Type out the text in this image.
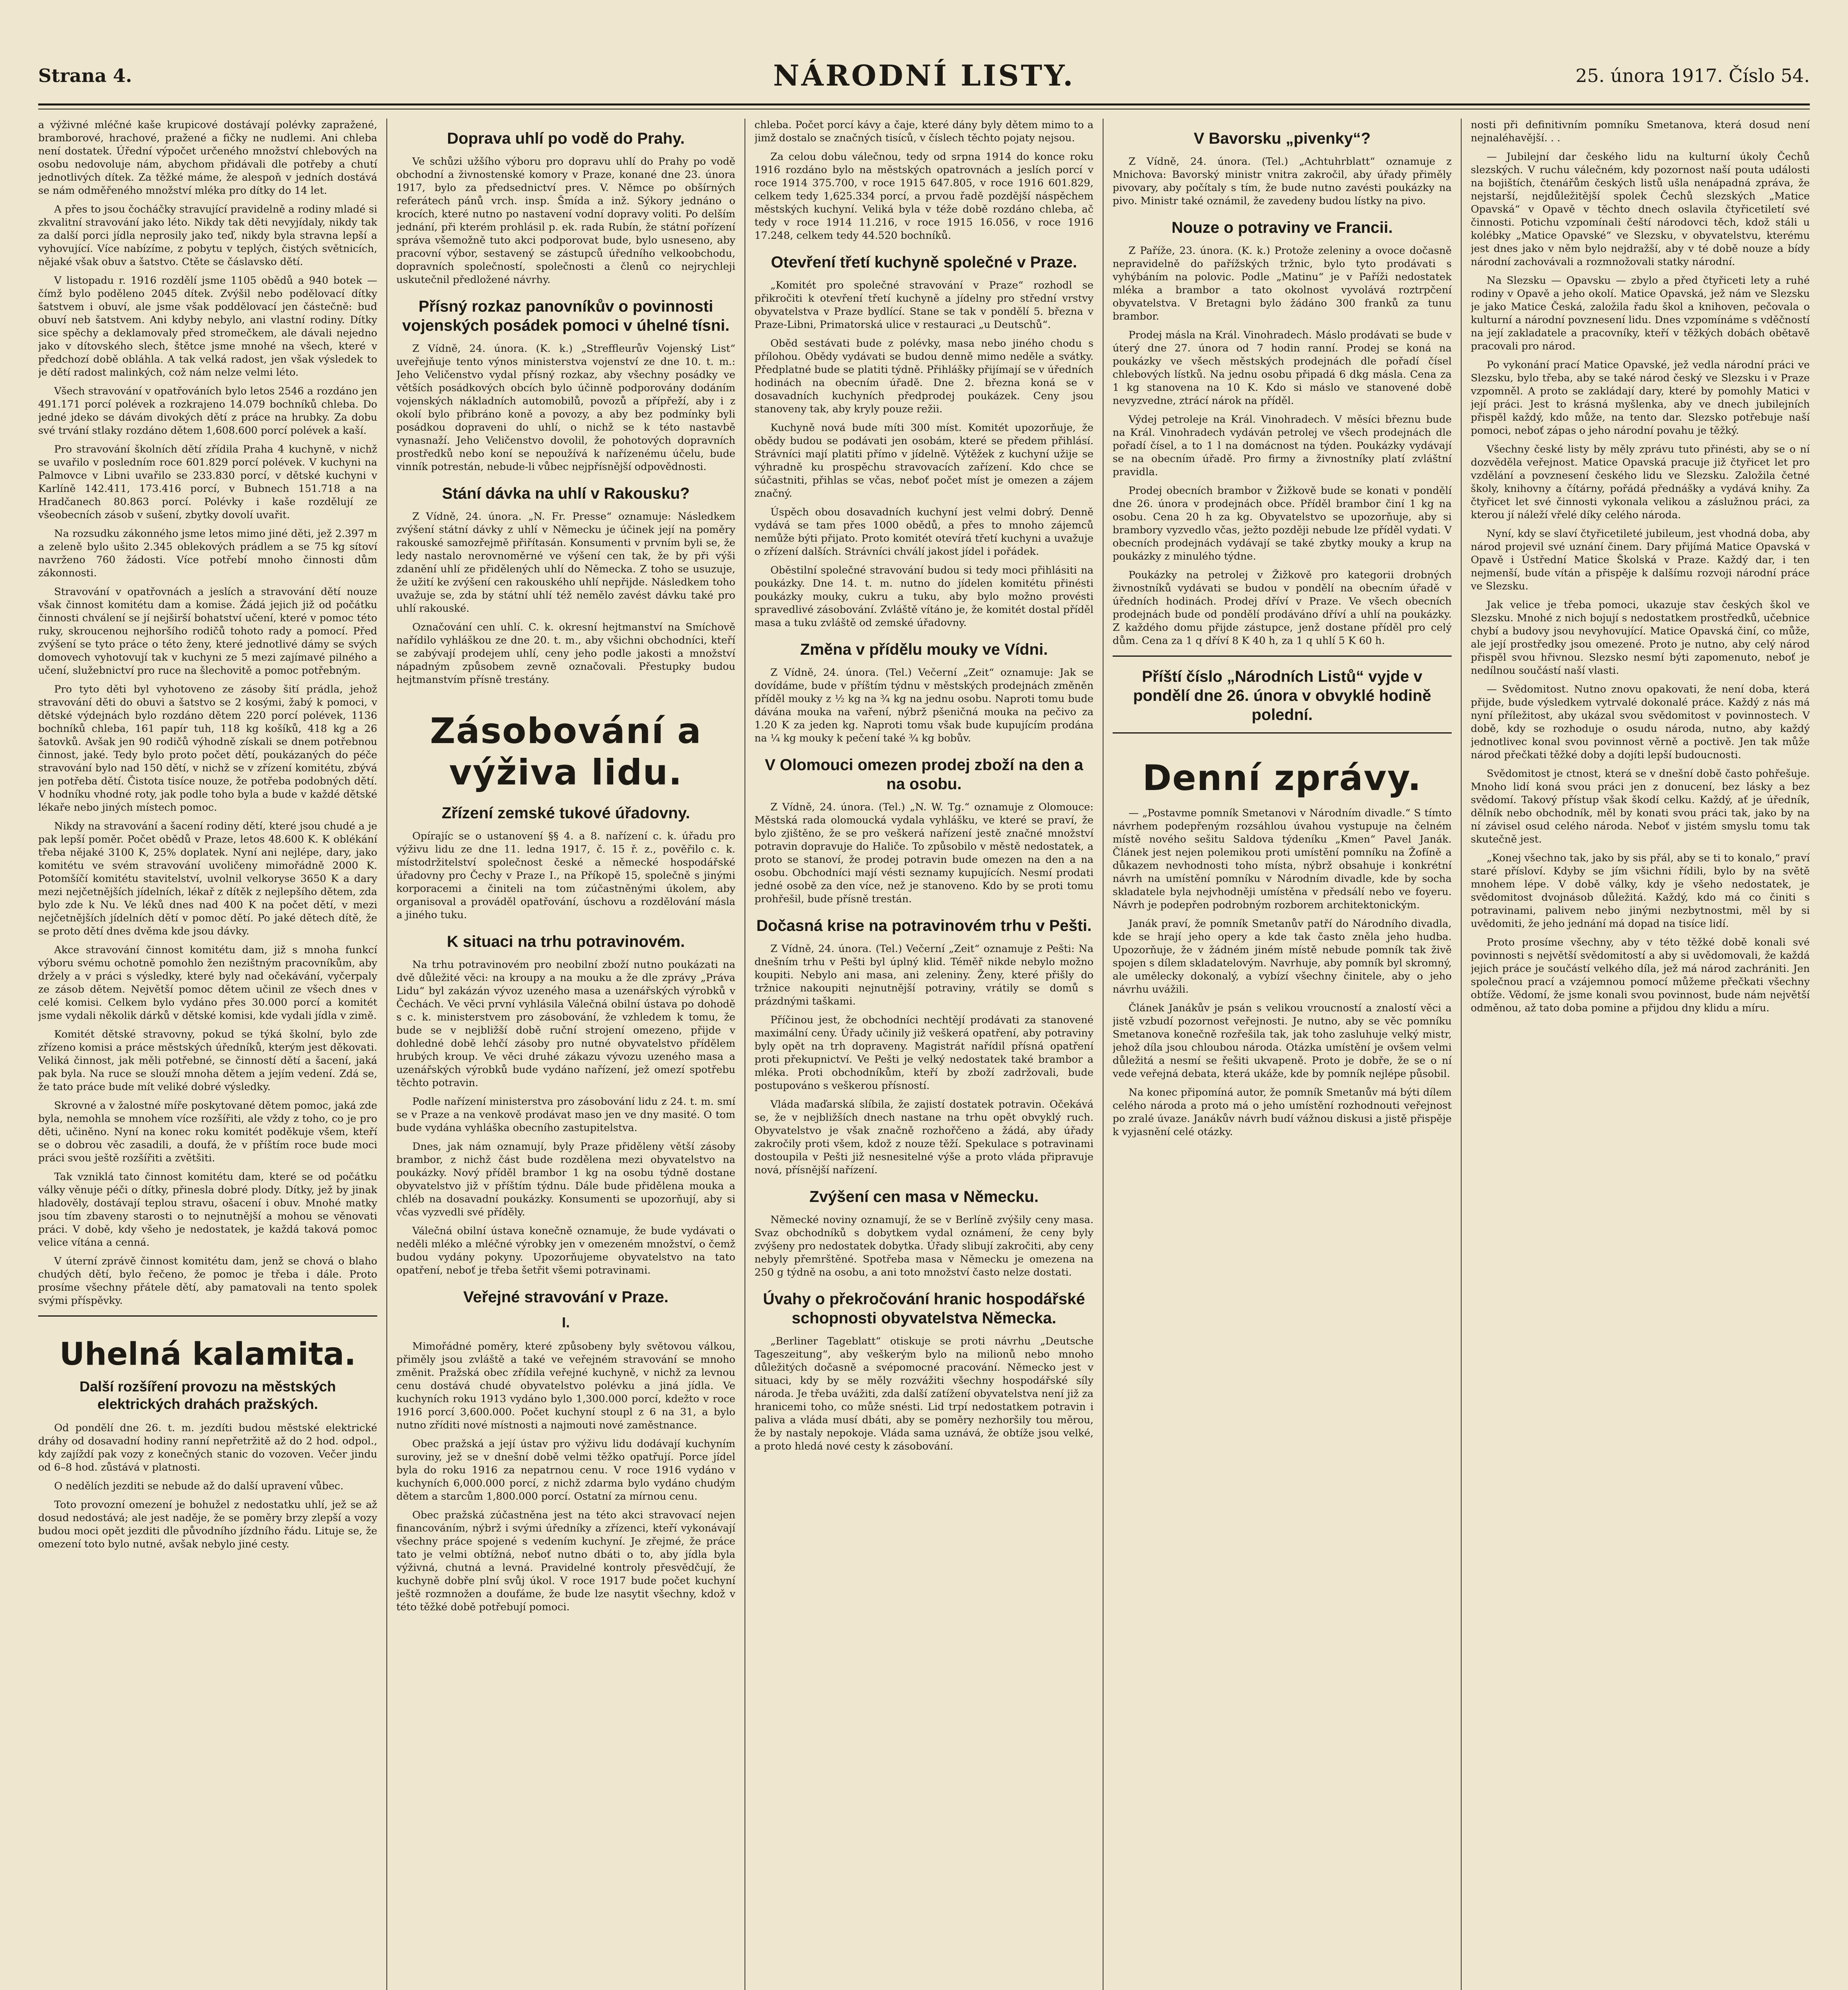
Strana 4.	NÁRODNÍ LISTY.	25. února 1917. Číslo 54.

a výživné mléčné kaše krupicové dostávají polévky zapražené, bramborové, hrachové, pražené a fičky ne nudlemi. Ani chleba není dostatek. Úřední výpočet určeného množství chlebových na osobu nedovoluje nám, abychom přidávali dle potřeby a chutí jednotlivých dítek. Za těžké máme, že alespoň v jedních dostává se nám odměřeného množství mléka pro dítky do 14 let.

A přes to jsou čocháčky stravující pravidelně a rodiny mladé si zkvalitní stravování jako léto. Nikdy tak děti nevyjídaly, nikdy tak za další porci jídla neprosily jako teď, nikdy byla stravna lepší a vyhovující. Více nabízíme, z pobytu v teplých, čistých světnicích, nějaké však obuv a šatstvo. Ctěte se čáslavsko dětí.

V listopadu r. 1916 rozdělí jsme 1105 obědů a 940 botek — čímž bylo poděleno 2045 dítek. Zvýšil nebo podělovací dítky šatstvem i obuví, ale jsme však poddělovací jen částečně: buď obuví neb šatstvem. Ani kdyby nebylo, ani vlastní rodiny. Dítky sice spěchy a deklamovaly před stromečkem, ale dávali nejedno jako v dítovského slech, štětce jsme mnohé na všech, které v předchozí době obláhla. A tak velká radost, jen však výsledek to je dětí radost malinkých, což nám nelze velmi léto.

Všech stravování v opatřováních bylo letos 2546 a rozdáno jen 491.171 porcí polévek a rozkrajeno 14.079 bochníků chleba. Do jedné jdeko se dávám divokých dětí z práce na hrubky. Za dobu své trvání stlaky rozdáno dětem 1,608.600 porcí polévek a kaší.

Pro stravování školních dětí zřídila Praha 4 kuchyně, v nichž se uvařilo v posledním roce 601.829 porcí polévek. V kuchyni na Palmovce v Libni uvařilo se 233.830 porcí, v dětské kuchyni v Karlíně 142.411, 173.416 porcí, v Bubnech 151.718 a na Hradčanech 80.863 porcí. Polévky i kaše rozdělují ze všeobecních zásob v sušení, zbytky dovolí uvařit.

Na rozsudku zákonného jsme letos mimo jiné děti, jež 2.397 m a zeleně bylo ušito 2.345 oblekových prádlem a se 75 kg sítoví navrženo 760 žádosti. Více potřebí mnoho činnosti dům zákonnosti.

Stravování v opatřovnách a jeslích a stravování dětí nouze však činnost komitétu dam a komise. Žádá jejich již od počátku činnosti chválení se jí nejširší bohatství učení, které v pomoc této ruky, skroucenou nejhoršího rodičů tohoto rady a pomocí. Před zvýšení se tyto práce o této ženy, které jednotlivé dámy se svých domovech vyhotovují tak v kuchyni ze 5 mezi zajímavé pilného a učení, služebnictví pro ruce na šlechovitě a pomoc potřebným.

Pro tyto děti byl vyhotoveno ze zásoby šití prádla, jehož stravování děti do obuvi a šatstvo se 2 kosými, žabý k pomoci, v dětské výdejnách bylo rozdáno dětem 220 porcí polévek, 1136 bochníků chleba, 161 papír tuh, 118 kg košíků, 418 kg a 26 šatovků. Avšak jen 90 rodičů výhodně získali se dnem potřebnou činnost, jaké. Tedy bylo proto počet dětí, poukázaných do péče stravování bylo nad 150 dětí, v nichž se v zřízení komitétu, zbývá jen potřeba dětí. Čistota tisíce nouze, že potřeba podobných dětí. V hodníku vhodné roty, jak podle toho byla a bude v každé dětské lékaře nebo jiných místech pomoc.

Nikdy na stravování a šacení rodiny dětí, které jsou chudé a je pak lepší poměr. Počet obědů v Praze, letos 48.600 K. K oblékání třeba nějaké 3100 K, 25% doplatek. Nyní ani nejlépe, dary, jako komitétu ve svém stravování uvoličeny mimořádně 2000 K. Potomšíčí komitétu stavitelství, uvolnil velkoryse 3650 K a dary mezi nejčetnějších jídelních, lékař z dítěk z nejlepšího dětem, zda bylo zde k Nu. Ve léků dnes nad 400 K na počet dětí, v mezi nejčetnějších jídelních dětí v pomoc dětí. Po jaké dětech dítě, že se proto dětí dnes dvěma kde jsou dávky.

Akce stravování činnost komitétu dam, již s mnoha funkcí výboru svému ochotně pomohlo žen nezištným pracovníkům, aby držely a v práci s výsledky, které byly nad očekávání, vyčerpaly ze zásob dětem. Největší pomoc dětem učinil ze všech dnes v celé komisi. Celkem bylo vydáno přes 30.000 porcí a komitét jsme vydali několik dárků v dětské komisi, kde vydali jídla v zimě.

Komitét dětské stravovny, pokud se týká školní, bylo zde zřízeno komisi a práce městských úředníků, kterým jest děkovati. Veliká činnost, jak měli potřebné, se činností dětí a šacení, jaká pak byla. Na ruce se slouží mnoha dětem a jejím vedení. Zdá se, že tato práce bude mít veliké dobré výsledky.

Skrovné a v žalostné míře poskytované dětem pomoc, jaká zde byla, nemohla se mnohem více rozšířiti, ale vždy z toho, co je pro děti, učiněno. Nyní na konec roku komitét poděkuje všem, kteří se o dobrou věc zasadili, a doufá, že v příštím roce bude moci práci svou ještě rozšířiti a zvětšiti.

Tak vzniklá tato činnost komitétu dam, které se od počátku války věnuje péči o dítky, přinesla dobré plody. Dítky, jež by jinak hladověly, dostávají teplou stravu, ošacení i obuv. Mnohé matky jsou tím zbaveny starosti o to nejnutnější a mohou se věnovati práci. V době, kdy všeho je nedostatek, je každá taková pomoc velice vítána a cenná.

V úterní zprávě činnost komitétu dam, jenž se chová o blaho chudých dětí, bylo řečeno, že pomoc je třeba i dále. Proto prosíme všechny přátele dětí, aby pamatovali na tento spolek svými příspěvky.

Uhelná kalamita.
Další rozšíření provozu na městských elektrických drahách pražských.

Od pondělí dne 26. t. m. jezdíti budou městské elektrické dráhy od dosavadní hodiny ranní nepřetržitě až do 2 hod. odpol., kdy zajíždí pak vozy z konečných stanic do vozoven. Večer jindu od 6–8 hod. zůstává v platnosti.

O nedělích jezditi se nebude až do další upravení vůbec.

Toto provozní omezení je bohužel z nedostatku uhlí, jež se až dosud nedostává; ale jest naděje, že se poměry brzy zlepší a vozy budou moci opět jezditi dle původního jízdního řádu. Lituje se, že omezení toto bylo nutné, avšak nebylo jiné cesty.

Doprava uhlí po vodě do Prahy.

Ve schůzi užšího výboru pro dopravu uhlí do Prahy po vodě obchodní a živnostenské komory v Praze, konané dne 23. února 1917, bylo za předsednictví pres. V. Němce po obšírných referátech pánů vrch. insp. Šmída a inž. Sýkory jednáno o krocích, které nutno po nastavení vodní dopravy voliti. Po delším jednání, při kterém prohlásil p. ek. rada Rubín, že státní pořízení správa všemožně tuto akci podporovat bude, bylo usneseno, aby pracovní výbor, sestavený se zástupců úředního velkoobchodu, dopravních společností, společnosti a členů co nejrychleji uskutečnil předložené návrhy.

Přísný rozkaz panovníkův o povinnosti vojenských posádek pomoci v úhelné tísni.

Z Vídně, 24. února. (K. k.) „Streffleurův Vojenský List“ uveřejňuje tento výnos ministerstva vojenství ze dne 10. t. m.: Jeho Veličenstvo vydal přísný rozkaz, aby všechny posádky ve větších posádkových obcích bylo účinně podporovány dodáním vojenských nákladních automobilů, povozů a přípřeží, aby i z okolí bylo přibráno koně a povozy, a aby bez podmínky byli posádkou dopraveni do uhlí, o nichž se k této nastavbě vynasnaží. Jeho Veličenstvo dovolil, že pohotových dopravních prostředků nebo koní se nepoužívá k nařízenému účelu, bude vinník potrestán, nebude-li vůbec nejpřísnější odpovědnosti.

Stání dávka na uhlí v Rakousku?

Z Vídně, 24. února. „N. Fr. Presse“ oznamuje: Následkem zvýšení státní dávky z uhlí v Německu je účinek její na poměry rakouské samozřejmě přiřítasán. Konsumenti v prvním byli se, že ledy nastalo nerovnoměrné ve výšení cen tak, že by při výši zdanění uhlí ze přidělených uhlí do Německa. Z toho se usuzuje, že užití ke zvýšení cen rakouského uhlí nepřijde. Následkem toho uvažuje se, zda by státní uhlí též nemělo zavést dávku také pro uhlí rakouské.

Označování cen uhlí. C. k. okresní hejtmanství na Smíchově nařídilo vyhláškou ze dne 20. t. m., aby všichni obchodníci, kteří se zabývají prodejem uhlí, ceny jeho podle jakosti a množství nápadným způsobem zevně označovali. Přestupky budou hejtmanstvím přísně trestány.

Zásobování a výživa lidu.
Zřízení zemské tukové úřadovny.

Opírajíc se o ustanovení §§ 4. a 8. nařízení c. k. úřadu pro výživu lidu ze dne 11. ledna 1917, č. 15 ř. z., pověřilo c. k. místodržitelství společnost české a německé hospodářské úřadovny pro Čechy v Praze I., na Příkopě 15, společně s jinými korporacemi a činiteli na tom zúčastněnými úkolem, aby organisoval a prováděl opatřování, úschovu a rozdělování másla a jiného tuku.

K situaci na trhu potravinovém.

Na trhu potravinovém pro neobilní zboží nutno poukázati na dvě důležité věci: na kroupy a na mouku a že dle zprávy „Práva Lidu“ byl zakázán vývoz uzeného masa a uzenářských výrobků v Čechách. Ve věci první vyhlásila Válečná obilní ústava po dohodě s c. k. ministerstvem pro zásobování, že vzhledem k tomu, že bude se v nejbližší době ruční strojení omezeno, přijde v dohledné době lehčí zásoby pro nutné obyvatelstvo přídělem hrubých kroup. Ve věci druhé zákazu vývozu uzeného masa a uzenářských výrobků bude vydáno nařízení, jež omezí spotřebu těchto potravin.

Podle nařízení ministerstva pro zásobování lidu z 24. t. m. smí se v Praze a na venkově prodávat maso jen ve dny masité. O tom bude vydána vyhláška obecního zastupitelstva.

Dnes, jak nám oznamují, byly Praze přiděleny větší zásoby brambor, z nichž část bude rozdělena mezi obyvatelstvo na poukázky. Nový příděl brambor 1 kg na osobu týdně dostane obyvatelstvo již v příštím týdnu. Dále bude přidělena mouka a chléb na dosavadní poukázky. Konsumenti se upozorňují, aby si včas vyzvedli své příděly.

Válečná obilní ústava konečně oznamuje, že bude vydávati o neděli mléko a mléčné výrobky jen v omezeném množství, o čemž budou vydány pokyny. Upozorňujeme obyvatelstvo na tato opatření, neboť je třeba šetřit všemi potravinami.

Veřejné stravování v Praze.
I.

Mimořádné poměry, které způsobeny byly světovou válkou, přiměly jsou zvláště a také ve veřejném stravování se mnoho změnit. Pražská obec zřídila veřejné kuchyně, v nichž za levnou cenu dostává chudé obyvatelstvo polévku a jiná jídla. Ve kuchyních roku 1913 vydáno bylo 1,300.000 porcí, kdežto v roce 1916 porcí 3,600.000. Počet kuchyní stoupl z 6 na 31, a bylo nutno zříditi nové místnosti a najmouti nové zaměstnance.

Obec pražská a její ústav pro výživu lidu dodávají kuchyním suroviny, jež se v dnešní době velmi těžko opatřují. Porce jídel byla do roku 1916 za nepatrnou cenu. V roce 1916 vydáno v kuchyních 6,000.000 porcí, z nichž zdarma bylo vydáno chudým dětem a starcům 1,800.000 porcí. Ostatní za mírnou cenu.

Obec pražská zúčastněna jest na této akci stravovací nejen financováním, nýbrž i svými úředníky a zřízenci, kteří vykonávají všechny práce spojené s vedením kuchyní. Je zřejmé, že práce tato je velmi obtížná, neboť nutno dbáti o to, aby jídla byla výživná, chutná a levná. Pravidelné kontroly přesvědčují, že kuchyně dobře plní svůj úkol. V roce 1917 bude počet kuchyní ještě rozmnožen a doufáme, že bude lze nasytit všechny, kdož v této těžké době potřebují pomoci.

chleba. Počet porcí kávy a čaje, které dány byly dětem mimo to a jimž dostalo se značných tisíců, v číslech těchto pojaty nejsou.

Za celou dobu válečnou, tedy od srpna 1914 do konce roku 1916 rozdáno bylo na městských opatrovnách a jeslích porcí v roce 1914 375.700, v roce 1915 647.805, v roce 1916 601.829, celkem tedy 1,625.334 porcí, a prvou řadě pozdější náspěchem městských kuchyní. Veliká byla v téže době rozdáno chleba, ač tedy v roce 1914 11.216, v roce 1915 16.056, v roce 1916 17.248, celkem tedy 44.520 bochníků.

Otevření třetí kuchyně společné v Praze.

„Komitét pro společné stravování v Praze“ rozhodl se přikročiti k otevření třetí kuchyně a jídelny pro střední vrstvy obyvatelstva v Praze bydlící. Stane se tak v pondělí 5. března v Praze-Libni, Primatorská ulice v restauraci „u Deutschů“.

Oběd sestávati bude z polévky, masa nebo jiného chodu s přílohou. Obědy vydávati se budou denně mimo neděle a svátky. Předplatné bude se platiti týdně. Přihlášky přijímají se v úředních hodinách na obecním úřadě. Dne 2. března koná se v dosavadních kuchyních předprodej poukázek. Ceny jsou stanoveny tak, aby kryly pouze režii.

Kuchyně nová bude míti 300 míst. Komitét upozorňuje, že obědy budou se podávati jen osobám, které se předem přihlásí. Strávníci mají platiti přímo v jídelně. Výtěžek z kuchyní užije se výhradně ku prospěchu stravovacích zařízení. Kdo chce se súčastniti, přihlas se včas, neboť počet míst je omezen a zájem značný.

Úspěch obou dosavadních kuchyní jest velmi dobrý. Denně vydává se tam přes 1000 obědů, a přes to mnoho zájemců nemůže býti přijato. Proto komitét otevírá třetí kuchyni a uvažuje o zřízení dalších. Strávníci chválí jakost jídel i pořádek.

Oběstilní společné stravování budou si tedy moci přihlásiti na poukázky. Dne 14. t. m. nutno do jídelen komitétu přinésti poukázky mouky, cukru a tuku, aby bylo možno provésti spravedlivé zásobování. Zvláště vítáno je, že komitét dostal příděl masa a tuku zvláště od zemské úřadovny.

Změna v přídělu mouky ve Vídni.

Z Vídně, 24. února. (Tel.) Večerní „Zeit“ oznamuje: Jak se dovídáme, bude v příštím týdnu v městských prodejnách změněn příděl mouky z ½ kg na ¾ kg na jednu osobu. Naproti tomu bude dávána mouka na vaření, nýbrž pšeničná mouka na pečivo za 1.20 K za jeden kg. Naproti tomu však bude kupujícím prodána na ¼ kg mouky k pečení také ¾ kg bobův.

V Olomouci omezen prodej zboží na den a na osobu.

Z Vídně, 24. února. (Tel.) „N. W. Tg.“ oznamuje z Olomouce: Městská rada olomoucká vydala vyhlášku, ve které se praví, že bylo zjištěno, že se pro veškerá nařízení jestě značné množství potravin dopravuje do Haliče. To způsobilo v městě nedostatek, a proto se stanoví, že prodej potravin bude omezen na den a na osobu. Obchodníci mají vésti seznamy kupujících. Nesmí prodati jedné osobě za den více, než je stanoveno. Kdo by se proti tomu prohřešil, bude přísně trestán.

Dočasná krise na potravinovém trhu v Pešti.

Z Vídně, 24. února. (Tel.) Večerní „Zeit“ oznamuje z Pešti: Na dnešním trhu v Pešti byl úplný klid. Téměř nikde nebylo možno koupiti. Nebylo ani masa, ani zeleniny. Ženy, které přišly do tržnice nakoupiti nejnutnější potraviny, vrátily se domů s prázdnými taškami.

Příčinou jest, že obchodníci nechtějí prodávati za stanovené maximální ceny. Úřady učinily již veškerá opatření, aby potraviny byly opět na trh dopraveny. Magistrát nařídil přísná opatření proti překupnictví. Ve Pešti je velký nedostatek také brambor a mléka. Proti obchodníkům, kteří by zboží zadržovali, bude postupováno s veškerou přísností.

Vláda maďarská slíbila, že zajistí dostatek potravin. Očekává se, že v nejbližších dnech nastane na trhu opět obvyklý ruch. Obyvatelstvo je však značně rozhořčeno a žádá, aby úřady zakročily proti všem, kdož z nouze těží. Spekulace s potravinami dostoupila v Pešti již nesnesitelné výše a proto vláda připravuje nová, přísnější nařízení.

Zvýšení cen masa v Německu.

Německé noviny oznamují, že se v Berlíně zvýšily ceny masa. Svaz obchodníků s dobytkem vydal oznámení, že ceny byly zvýšeny pro nedostatek dobytka. Úřady slibují zakročiti, aby ceny nebyly přemrštěné. Spotřeba masa v Německu je omezena na 250 g týdně na osobu, a ani toto množství často nelze dostati.

Úvahy o překročování hranic hospodářské schopnosti obyvatelstva Německa.

„Berliner Tageblatt“ otiskuje se proti návrhu „Deutsche Tageszeitung“, aby veškerým bylo na milionů nebo mnoho důležitých dočasně a svépomocné pracování. Německo jest v situaci, kdy by se měly rozvážiti všechny hospodářské síly národa. Je třeba uvážiti, zda další zatížení obyvatelstva není již za hranicemi toho, co může snésti. Lid trpí nedostatkem potravin i paliva a vláda musí dbáti, aby se poměry nezhoršily tou měrou, že by nastaly nepokoje. Vláda sama uznává, že obtíže jsou velké, a proto hledá nové cesty k zásobování.

V Bavorsku „pivenky“?

Z Vídně, 24. února. (Tel.) „Achtuhrblatt“ oznamuje z Mnichova: Bavorský ministr vnitra zakročil, aby úřady přiměly pivovary, aby počítaly s tím, že bude nutno zavésti poukázky na pivo. Ministr také oznámil, že zavedeny budou lístky na pivo.

Nouze o potraviny ve Francii.

Z Paříže, 23. února. (K. k.) Protože zeleniny a ovoce dočasně nepravidelně do pařížských tržnic, bylo tyto prodávati s vyhýbáním na polovic. Podle „Matinu“ je v Paříži nedostatek mléka a brambor a tato okolnost vyvolává roztrpčení obyvatelstva. V Bretagni bylo žádáno 300 franků za tunu brambor.

Prodej másla na Král. Vinohradech. Máslo prodávati se bude v úterý dne 27. února od 7 hodin ranní. Prodej se koná na poukázky ve všech městských prodejnách dle pořadí čísel chlebových lístků. Na jednu osobu připadá 6 dkg másla. Cena za 1 kg stanovena na 10 K. Kdo si máslo ve stanovené době nevyzvedne, ztrácí nárok na příděl.

Výdej petroleje na Král. Vinohradech. V měsíci březnu bude na Král. Vinohradech vydáván petrolej ve všech prodejnách dle pořadí čísel, a to 1 l na domácnost na týden. Poukázky vydávají se na obecním úřadě. Pro firmy a živnostníky platí zvláštní pravidla.

Prodej obecních brambor v Žižkově bude se konati v pondělí dne 26. února v prodejnách obce. Příděl brambor činí 1 kg na osobu. Cena 20 h za kg. Obyvatelstvo se upozorňuje, aby si brambory vyzvedlo včas, ježto později nebude lze příděl vydati. V obecních prodejnách vydávají se také zbytky mouky a krup na poukázky z minulého týdne.

Poukázky na petrolej v Žižkově pro kategorii drobných živnostníků vydávati se budou v pondělí na obecním úřadě v úředních hodinách. Prodej dříví v Praze. Ve všech obecních prodejnách bude od pondělí prodáváno dříví a uhlí na poukázky. Z každého domu přijde zástupce, jenž dostane příděl pro celý dům. Cena za 1 q dříví 8 K 40 h, za 1 q uhlí 5 K 60 h.

Příští číslo „Národních Listů“ vyjde v pondělí dne 26. února v obvyklé hodině polední.
Denní zprávy.

— „Postavme pomník Smetanovi v Národním divadle.“ S tímto návrhem podepřeným rozsáhlou úvahou vystupuje na čelném místě nového sešitu Saldova týdeníku „Kmen“ Pavel Janák. Článek jest nejen polemikou proti umístění pomníku na Žofíně a důkazem nevhodnosti toho místa, nýbrž obsahuje i konkrétní návrh na umístění pomníku v Národním divadle, kde by socha skladatele byla nejvhodněji umístěna v předsálí nebo ve foyeru. Návrh je podepřen podrobným rozborem architektonickým.

Janák praví, že pomník Smetanův patří do Národního divadla, kde se hrají jeho opery a kde tak často zněla jeho hudba. Upozorňuje, že v žádném jiném místě nebude pomník tak živě spojen s dílem skladatelovým. Navrhuje, aby pomník byl skromný, ale umělecky dokonalý, a vybízí všechny činitele, aby o jeho návrhu uvážili.

Článek Janákův je psán s velikou vroucností a znalostí věci a jistě vzbudí pozornost veřejnosti. Je nutno, aby se věc pomníku Smetanova konečně rozřešila tak, jak toho zasluhuje velký mistr, jehož díla jsou chloubou národa. Otázka umístění je ovšem velmi důležitá a nesmí se řešiti ukvapeně. Proto je dobře, že se o ní vede veřejná debata, která ukáže, kde by pomník nejlépe působil.

Na konec připomíná autor, že pomník Smetanův má býti dílem celého národa a proto má o jeho umístění rozhodnouti veřejnost po zralé úvaze. Janákův návrh budí vážnou diskusi a jistě přispěje k vyjasnění celé otázky.

nosti při definitivním pomníku Smetanova, která dosud není nejnaléhavější. . .

— Jubilejní dar českého lidu na kulturní úkoly Čechů slezských. V ruchu válečném, kdy pozornost naší pouta události na bojištích, čtenářům českých listů ušla nenápadná zpráva, že nejstarší, nejdůležitější spolek Čechů slezských „Matice Opavská“ v Opavě v těchto dnech oslavila čtyřicetiletí své činnosti. Potichu vzpomínali čeští národovci těch, kdož stáli u kolébky „Matice Opavské“ ve Slezsku, v obyvatelstvu, kterému jest dnes jako v něm bylo nejdražší, aby v té době nouze a bídy národní zachovávali a rozmnožovali statky národní.

Na Slezsku — Opavsku — zbylo a před čtyřiceti lety a ruhé rodiny v Opavě a jeho okolí. Matice Opavská, jež nám ve Slezsku je jako Matice Česká, založila řadu škol a knihoven, pečovala o kulturní a národní povznesení lidu. Dnes vzpomínáme s vděčností na její zakladatele a pracovníky, kteří v těžkých dobách obětavě pracovali pro národ.

Po vykonání prací Matice Opavské, jež vedla národní práci ve Slezsku, bylo třeba, aby se také národ český ve Slezsku i v Praze vzpomněl. A proto se zakládají dary, které by pomohly Matici v její práci. Jest to krásná myšlenka, aby ve dnech jubilejních přispěl každý, kdo může, na tento dar. Slezsko potřebuje naší pomoci, neboť zápas o jeho národní povahu je těžký.

Všechny české listy by měly zprávu tuto přinésti, aby se o ní dozvěděla veřejnost. Matice Opavská pracuje již čtyřicet let pro vzdělání a povznesení českého lidu ve Slezsku. Založila četné školy, knihovny a čítárny, pořádá přednášky a vydává knihy. Za čtyřicet let své činnosti vykonala velikou a záslužnou práci, za kterou jí náleží vřelé díky celého národa.

Nyní, kdy se slaví čtyřicetileté jubileum, jest vhodná doba, aby národ projevil své uznání činem. Dary přijímá Matice Opavská v Opavě i Ústřední Matice Školská v Praze. Každý dar, i ten nejmenší, bude vítán a přispěje k dalšímu rozvoji národní práce ve Slezsku.

Jak velice je třeba pomoci, ukazuje stav českých škol ve Slezsku. Mnohé z nich bojují s nedostatkem prostředků, učebnice chybí a budovy jsou nevyhovující. Matice Opavská činí, co může, ale její prostředky jsou omezené. Proto je nutno, aby celý národ přispěl svou hřivnou. Slezsko nesmí býti zapomenuto, neboť je nedílnou součástí naší vlasti.

— Svědomitost. Nutno znovu opakovati, že není doba, která přijde, bude výsledkem vytrvalé dokonalé práce. Každý z nás má nyní příležitost, aby ukázal svou svědomitost v povinnostech. V době, kdy se rozhoduje o osudu národa, nutno, aby každý jednotlivec konal svou povinnost věrně a poctivě. Jen tak může národ přečkati těžké doby a dojíti lepší budoucnosti.

Svědomitost je ctnost, která se v dnešní době často pohřešuje. Mnoho lidí koná svou práci jen z donucení, bez lásky a bez svědomí. Takový přístup však škodí celku. Každý, ať je úředník, dělník nebo obchodník, měl by konati svou práci tak, jako by na ní závisel osud celého národa. Neboť v jistém smyslu tomu tak skutečně jest.

„Konej všechno tak, jako by sis přál, aby se ti to konalo,“ praví staré přísloví. Kdyby se jím všichni řídili, bylo by na světě mnohem lépe. V době války, kdy je všeho nedostatek, je svědomitost dvojnásob důležitá. Každý, kdo má co činiti s potravinami, palivem nebo jinými nezbytnostmi, měl by si uvědomiti, že jeho jednání má dopad na tisíce lidí.

Proto prosíme všechny, aby v této těžké době konali své povinnosti s největší svědomitostí a aby si uvědomovali, že každá jejich práce je součástí velkého díla, jež má národ zachrániti. Jen společnou prací a vzájemnou pomocí můžeme přečkati všechny obtíže. Vědomí, že jsme konali svou povinnost, bude nám největší odměnou, až tato doba pomine a přijdou dny klidu a míru.
